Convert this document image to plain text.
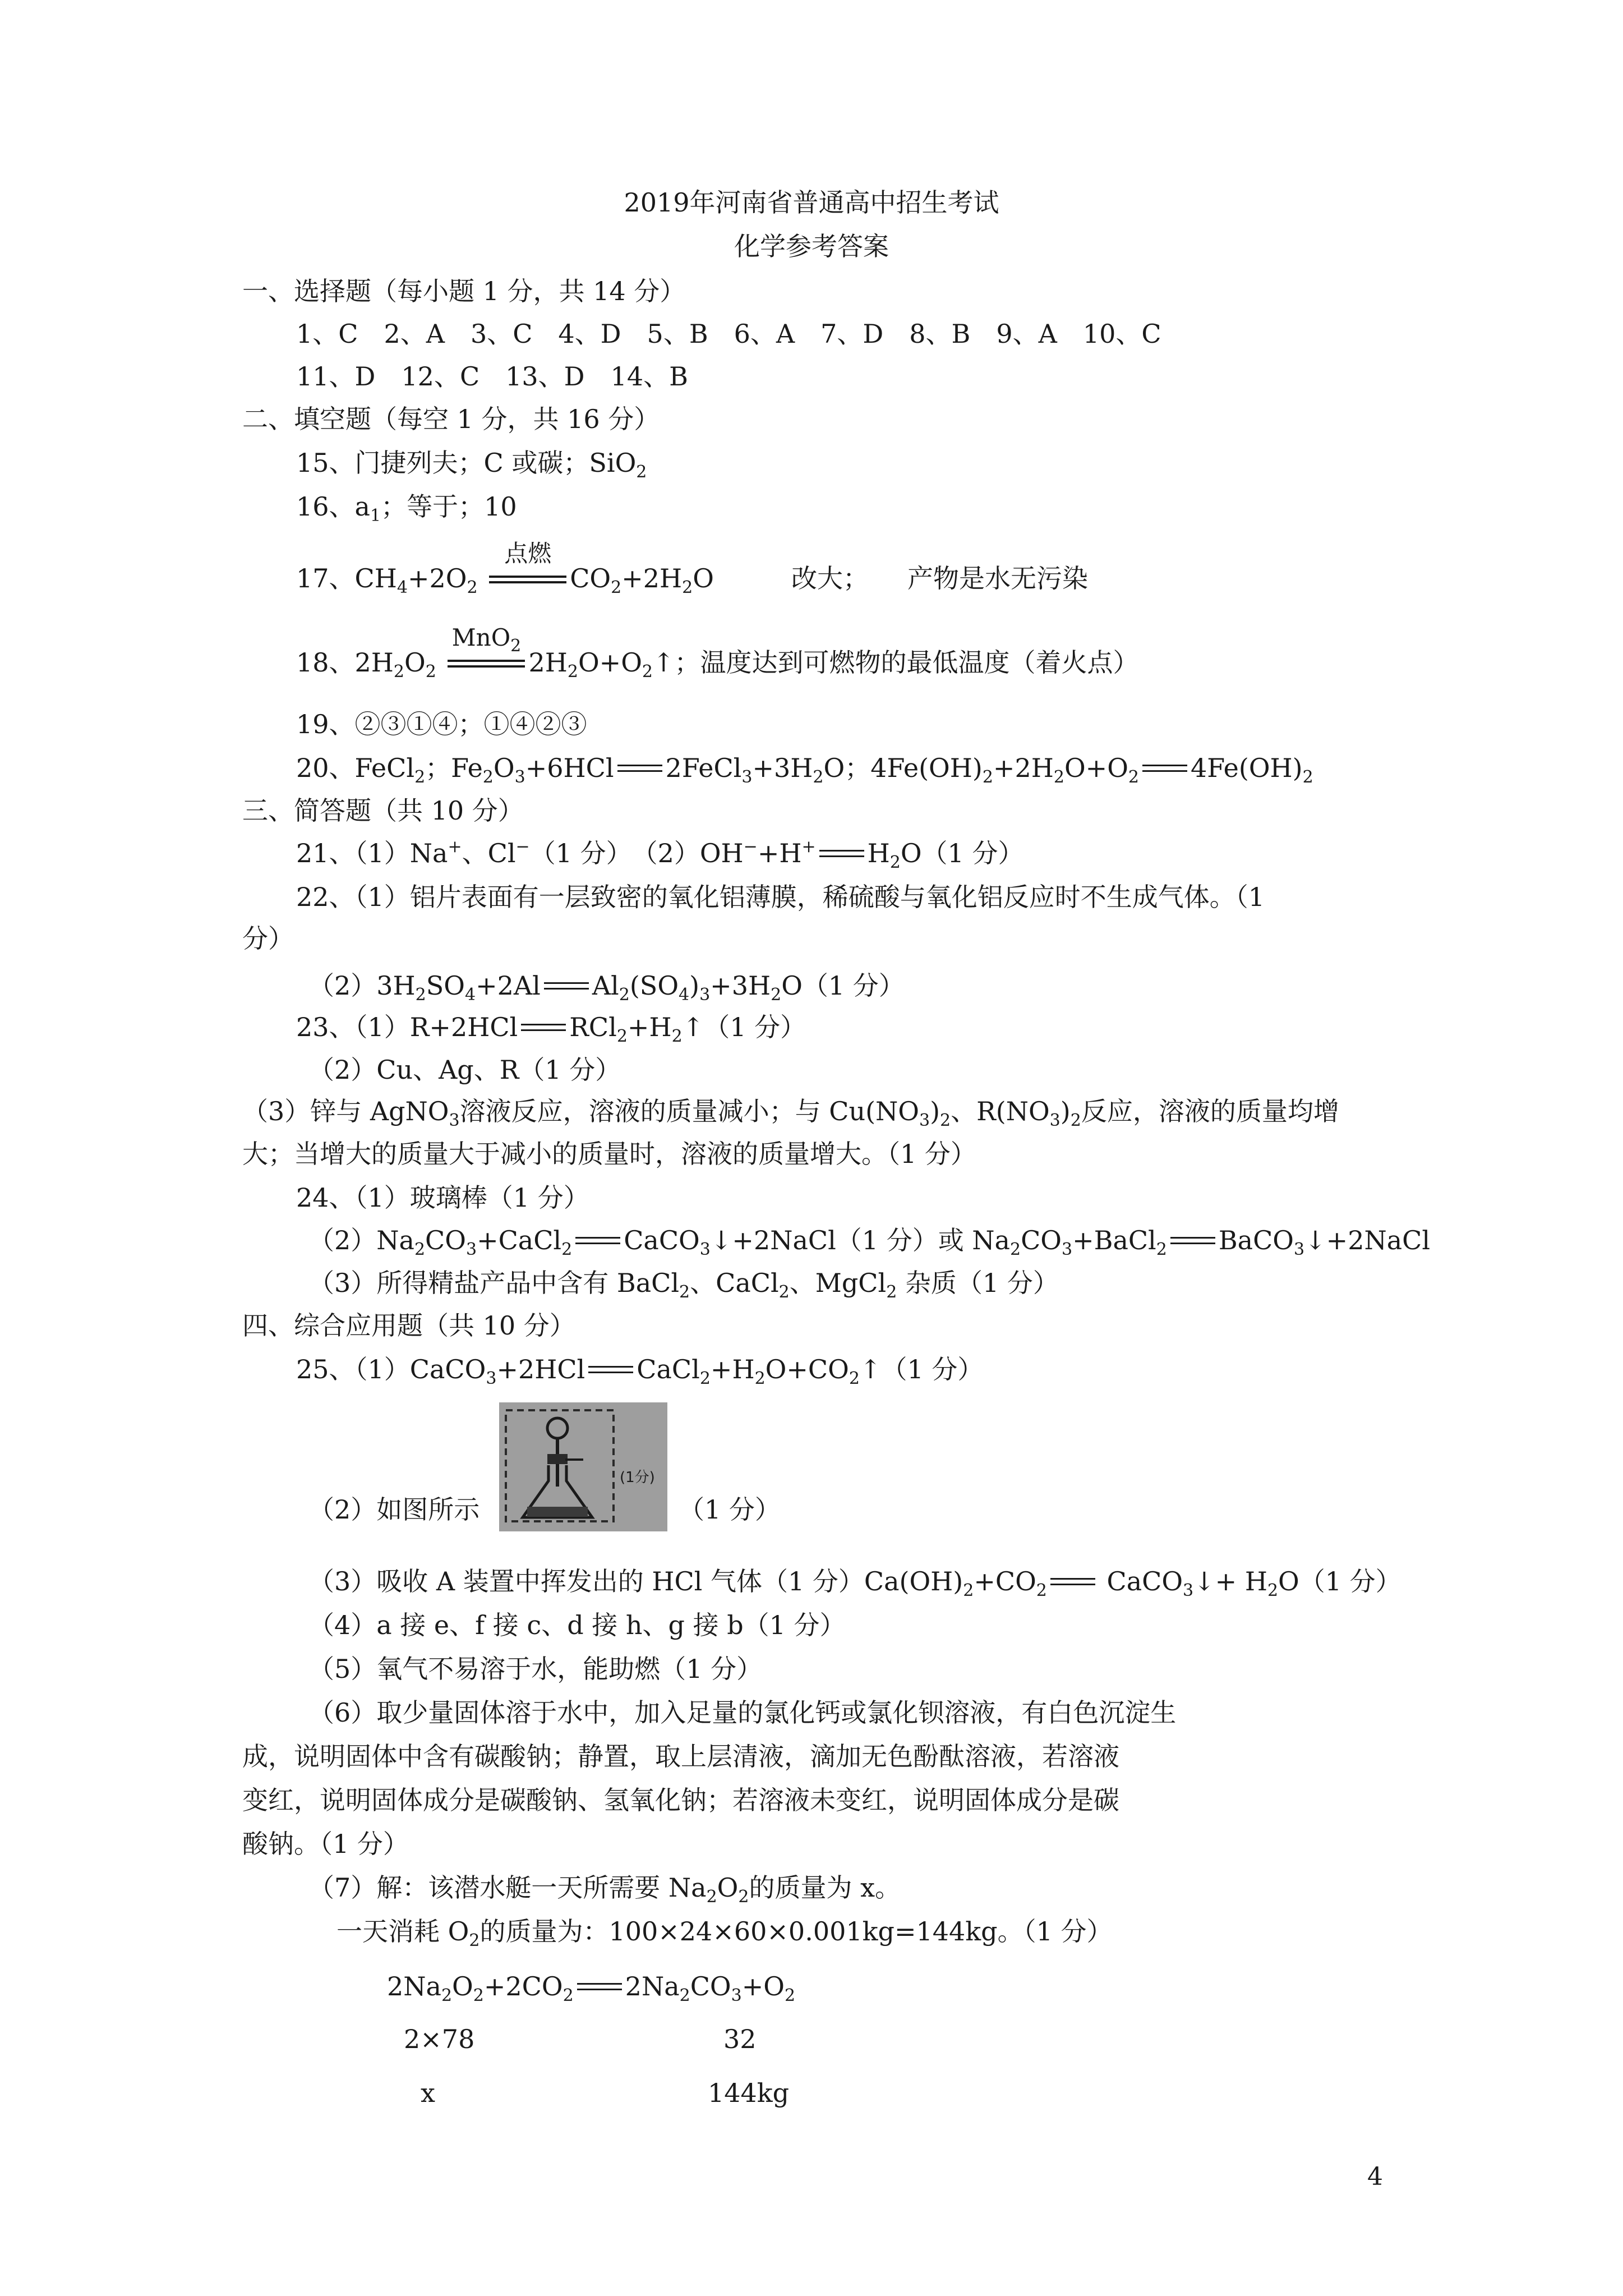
2019年河南省普通高中招生考试
化学参考答案
一、选择题（每小题 1 分，共 14 分）
1、C　2、A　3、C　4、D　5、B　6、A　7、D　8、B　9、A　10、C
11、D　12、C　13、D　14、B
二、填空题（每空 1 分，共 16 分）
15、门捷列夫；C 或碳；SiO$_2$
16、$a_1$；等于；10
17、$CH_4+2O_2$
点燃
$CO_2+2H_2O$　　　改大；　　产物是水无污染
18、$2H_2O_2$
MnO$_2$
$2H_2O+O_2↑$ ；温度达到可燃物的最低温度（着火点）
19、②③①④；①④②③
20、FeCl$_2$；$Fe_2O_3+6HCl$ $2FeCl_3+3H_2O$；$4Fe(OH)_2+2H_2O+O_2$ $4Fe(OH)_2$
三、简答题（共 10 分）
21、（1）Na+、Cl−（1 分）　（2）OH−+H+ $H_2O(1$ 分）
22、（1）铝片表面有一层致密的氧化铝薄膜，稀硫酸与氧化铝反应时不生成气体。（1
分）
$(2)3H_2SO_4+2Al$ $Al_2(SO_4)_3+3H_2O(1$ 分）
23、（1）R+2HCl $RCl_2+H_2↑$ （1 分）
（2）Cu、Ag、R（1 分）
（3）锌与 AgNO$_3$溶液反应，溶液的质量减小；与 $Cu(NO_3)_2$、$R(NO_3)_2$反应，溶液的质量均增
大；当增大的质量大于减小的质量时，溶液的质量增大。（1 分）
24、（1）玻璃棒（1 分）
$(2)Na_2CO_3+CaCl_2$ CaCO$_3$↓ +2NaCl（1 分）或 $Na_2CO_3+BaCl_2$ BaCO$_3$↓ +2NaCl
（3）所得精盐产品中含有 BaCl$_2$、CaCl$_2$、MgCl$_2$ 杂质（1 分）
四、综合应用题（共 10 分）
25、（1）CaCO$_3$+2HCl $CaCl_2+H_2O+CO_2↑$ （1 分）
(1分)
（2）如图所示	（1 分）
（3）吸收 A 装置中挥发出的 HCl 气体（1 分）$Ca(OH)_2+CO_2$ CaCO$_3$↓ + $H_2O(1$ 分）
（4）a 接 e、f 接 c、d 接 h、g 接 b（1 分）
（5）氧气不易溶于水，能助燃（1 分）
（6）取少量固体溶于水中，加入足量的氯化钙或氯化钡溶液，有白色沉淀生
成，说明固体中含有碳酸钠；静置，取上层清液，滴加无色酚酞溶液，若溶液
变红，说明固体成分是碳酸钠、氢氧化钠；若溶液未变红，说明固体成分是碳
酸钠。（1 分）
（7）解：该潜水艇一天所需要 $Na_2O_2$的质量为 x。
一天消耗 $O_2$的质量为：100×24×60×0.001kg=144kg。（1 分）
$2Na_2O_2+2CO_2$ $2Na_2CO_3+O_2$
2×78	32
x	144kg
4
